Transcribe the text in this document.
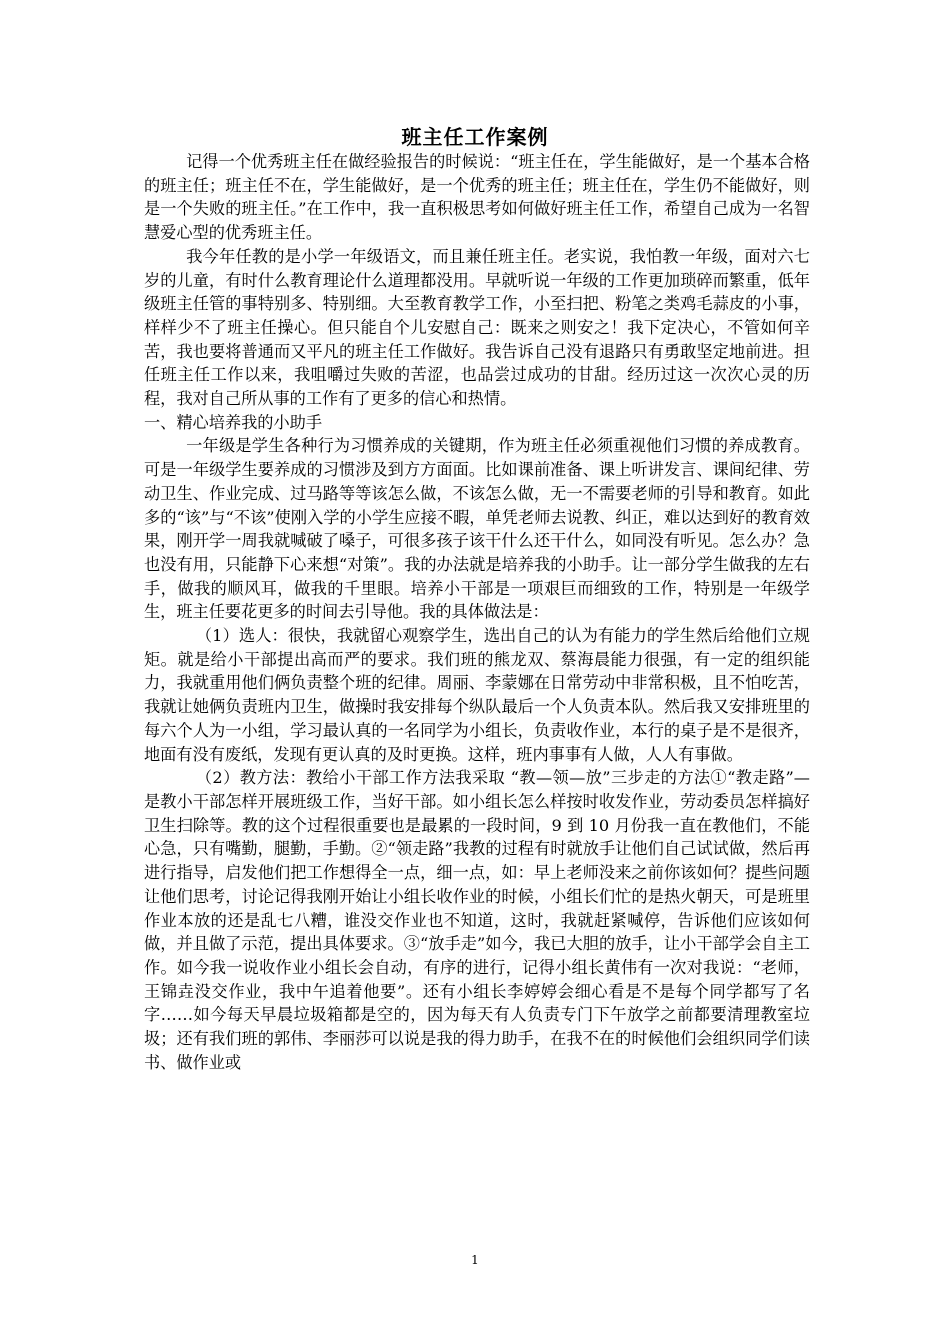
班主任工作案例

记得一个优秀班主任在做经验报告的时候说：“班主任在，学生能做好，是一个基本合格的班主任；班主任不在，学生能做好，是一个优秀的班主任；班主任在，学生仍不能做好，则是一个失败的班主任。”在工作中，我一直积极思考如何做好班主任工作，希望自己成为一名智慧爱心型的优秀班主任。

我今年任教的是小学一年级语文，而且兼任班主任。老实说，我怕教一年级，面对六七岁的儿童，有时什么教育理论什么道理都没用。早就听说一年级的工作更加琐碎而繁重，低年级班主任管的事特别多、特别细。大至教育教学工作，小至扫把、粉笔之类鸡毛蒜皮的小事，样样少不了班主任操心。但只能自个儿安慰自己：既来之则安之！我下定决心，不管如何辛苦，我也要将普通而又平凡的班主任工作做好。我告诉自己没有退路只有勇敢坚定地前进。担任班主任工作以来，我咀嚼过失败的苦涩，也品尝过成功的甘甜。经历过这一次次心灵的历程，我对自己所从事的工作有了更多的信心和热情。

一、精心培养我的小助手

一年级是学生各种行为习惯养成的关键期，作为班主任必须重视他们习惯的养成教育。可是一年级学生要养成的习惯涉及到方方面面。比如课前准备、课上听讲发言、课间纪律、劳动卫生、作业完成、过马路等等该怎么做，不该怎么做，无一不需要老师的引导和教育。如此多的“该”与“不该”使刚入学的小学生应接不暇，单凭老师去说教、纠正，难以达到好的教育效果，刚开学一周我就喊破了嗓子，可很多孩子该干什么还干什么，如同没有听见。怎么办？急也没有用，只能静下心来想“对策”。我的办法就是培养我的小助手。让一部分学生做我的左右手，做我的顺风耳，做我的千里眼。培养小干部是一项艰巨而细致的工作，特别是一年级学生，班主任要花更多的时间去引导他。我的具体做法是：

（1）选人：很快，我就留心观察学生，选出自己的认为有能力的学生然后给他们立规矩。就是给小干部提出高而严的要求。我们班的熊龙双、蔡海晨能力很强，有一定的组织能力，我就重用他们俩负责整个班的纪律。周丽、李蒙娜在日常劳动中非常积极，且不怕吃苦，我就让她俩负责班内卫生，做操时我安排每个纵队最后一个人负责本队。然后我又安排班里的每六个人为一小组，学习最认真的一名同学为小组长，负责收作业，本行的桌子是不是很齐，地面有没有废纸，发现有更认真的及时更换。这样，班内事事有人做，人人有事做。

（2）教方法：教给小干部工作方法我采取 “教—领—放”三步走的方法①“教走路”—是教小干部怎样开展班级工作，当好干部。如小组长怎么样按时收发作业，劳动委员怎样搞好卫生扫除等。教的这个过程很重要也是最累的一段时间，9 到 10 月份我一直在教他们，不能心急，只有嘴勤，腿勤，手勤。②“领走路”我教的过程有时就放手让他们自己试试做，然后再进行指导，启发他们把工作想得全一点，细一点，如：早上老师没来之前你该如何？提些问题让他们思考，讨论记得我刚开始让小组长收作业的时候，小组长们忙的是热火朝天，可是班里作业本放的还是乱七八糟，谁没交作业也不知道，这时，我就赶紧喊停，告诉他们应该如何做，并且做了示范，提出具体要求。③“放手走”如今，我已大胆的放手，让小干部学会自主工作。如今我一说收作业小组长会自动，有序的进行，记得小组长黄伟有一次对我说：“老师，王锦垚没交作业，我中午追着他要”。还有小组长李婷婷会细心看是不是每个同学都写了名字……如今每天早晨垃圾箱都是空的，因为每天有人负责专门下午放学之前都要清理教室垃圾；还有我们班的郭伟、李丽莎可以说是我的得力助手，在我不在的时候他们会组织同学们读书、做作业或

1
